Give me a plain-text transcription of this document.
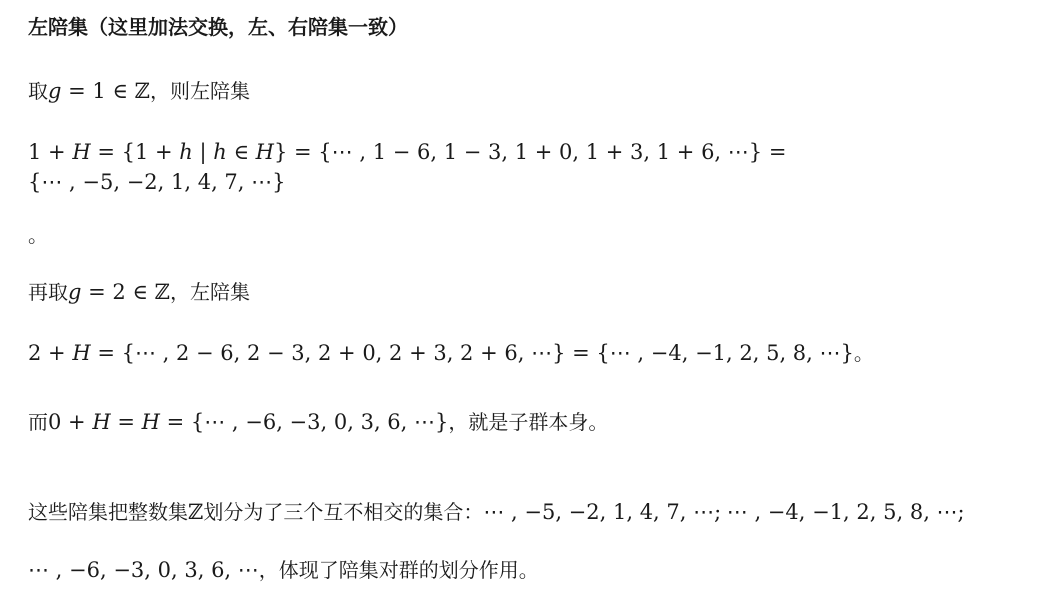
左陪集（这里加法交换，左、右陪集一致）

取g = 1 ∈ ℤ，则左陪集

1 + H = {1 + h | h ∈ H} = {⋯ , 1 − 6, 1 − 3, 1 + 0, 1 + 3, 1 + 6, ⋯} =
{⋯ , −5, −2, 1, 4, 7, ⋯}

。

再取g = 2 ∈ ℤ，左陪集

2 + H = {⋯ , 2 − 6, 2 − 3, 2 + 0, 2 + 3, 2 + 6, ⋯} = {⋯ , −4, −1, 2, 5, 8, ⋯}。

而0 + H = H = {⋯ , −6, −3, 0, 3, 6, ⋯}，就是子群本身。

这些陪集把整数集ℤ划分为了三个互不相交的集合：⋯ , −5, −2, 1, 4, 7, ⋯; ⋯ , −4, −1, 2, 5, 8, ⋯; ⋯ , −6, −3, 0, 3, 6, ⋯，体现了陪集对群的划分作用。
